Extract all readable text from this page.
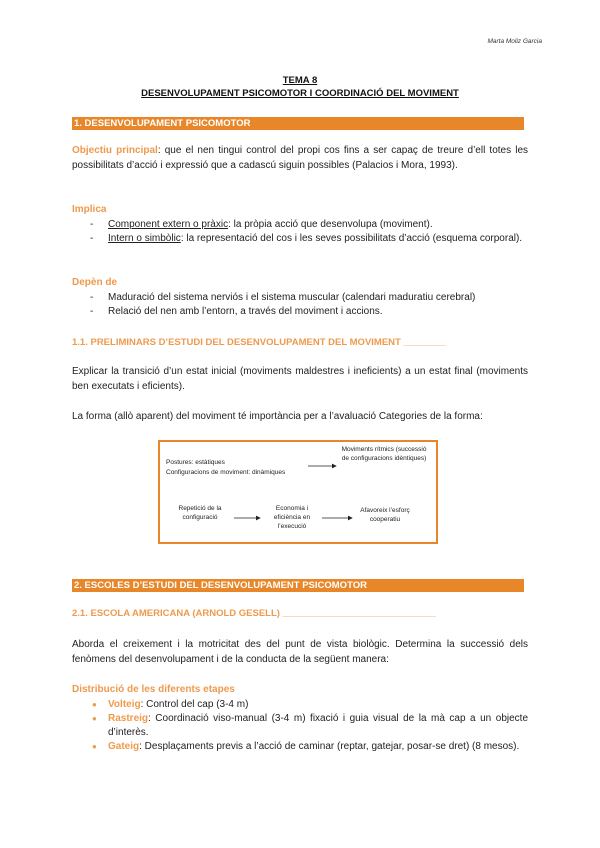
Marta Moliz Garcia
TEMA 8
DESENVOLUPAMENT PSICOMOTOR I COORDINACIÓ DEL MOVIMENT
1. DESENVOLUPAMENT PSICOMOTOR
Objectiu principal: que el nen tingui control del propi cos fins a ser capaç de treure d’ell totes les possibilitats d’acció i expressió que a cadascú siguin possibles (Palacios i Mora, 1993).
Implica
- Component extern o pràxic: la pròpia acció que desenvolupa (moviment).
- Intern o simbòlic: la representació del cos i les seves possibilitats d’acció (esquema corporal).
Depèn de
- Maduració del sistema nerviós i el sistema muscular (calendari maduratiu cerebral)
- Relació del nen amb l’entorn, a través del moviment i accions.
1.1. PRELIMINARS D’ESTUDI DEL DESENVOLUPAMENT DEL MOVIMENT ________
Explicar la transició d’un estat inicial (moviments maldestres i ineficients) a un estat final (moviments ben executats i eficients).
La forma (allò aparent) del moviment té importància per a l’avaluació Categories de la forma:
Postures: estàtiques
Configuracions de moviment: dinàmiques
Moviments rítmics (successió de configuracions idèntiques)
Repetició de la configuració
Economia i eficiència en l’execució
Afavoreix l’esforç cooperatiu
2. ESCOLES D’ESTUDI DEL DESENVOLUPAMENT PSICOMOTOR
2.1. ESCOLA AMERICANA (ARNOLD GESELL) _____________________________
Aborda el creixement i la motricitat des del punt de vista biològic. Determina la successió dels fenòmens del desenvolupament i de la conducta de la següent manera:
Distribució de les diferents etapes
● Volteig: Control del cap (3-4 m)
● Rastreig: Coordinació viso-manual (3-4 m) fixació i guia visual de la mà cap a un objecte d’interès.
● Gateig: Desplaçaments previs a l’acció de caminar (reptar, gatejar, posar-se dret) (8 mesos).
